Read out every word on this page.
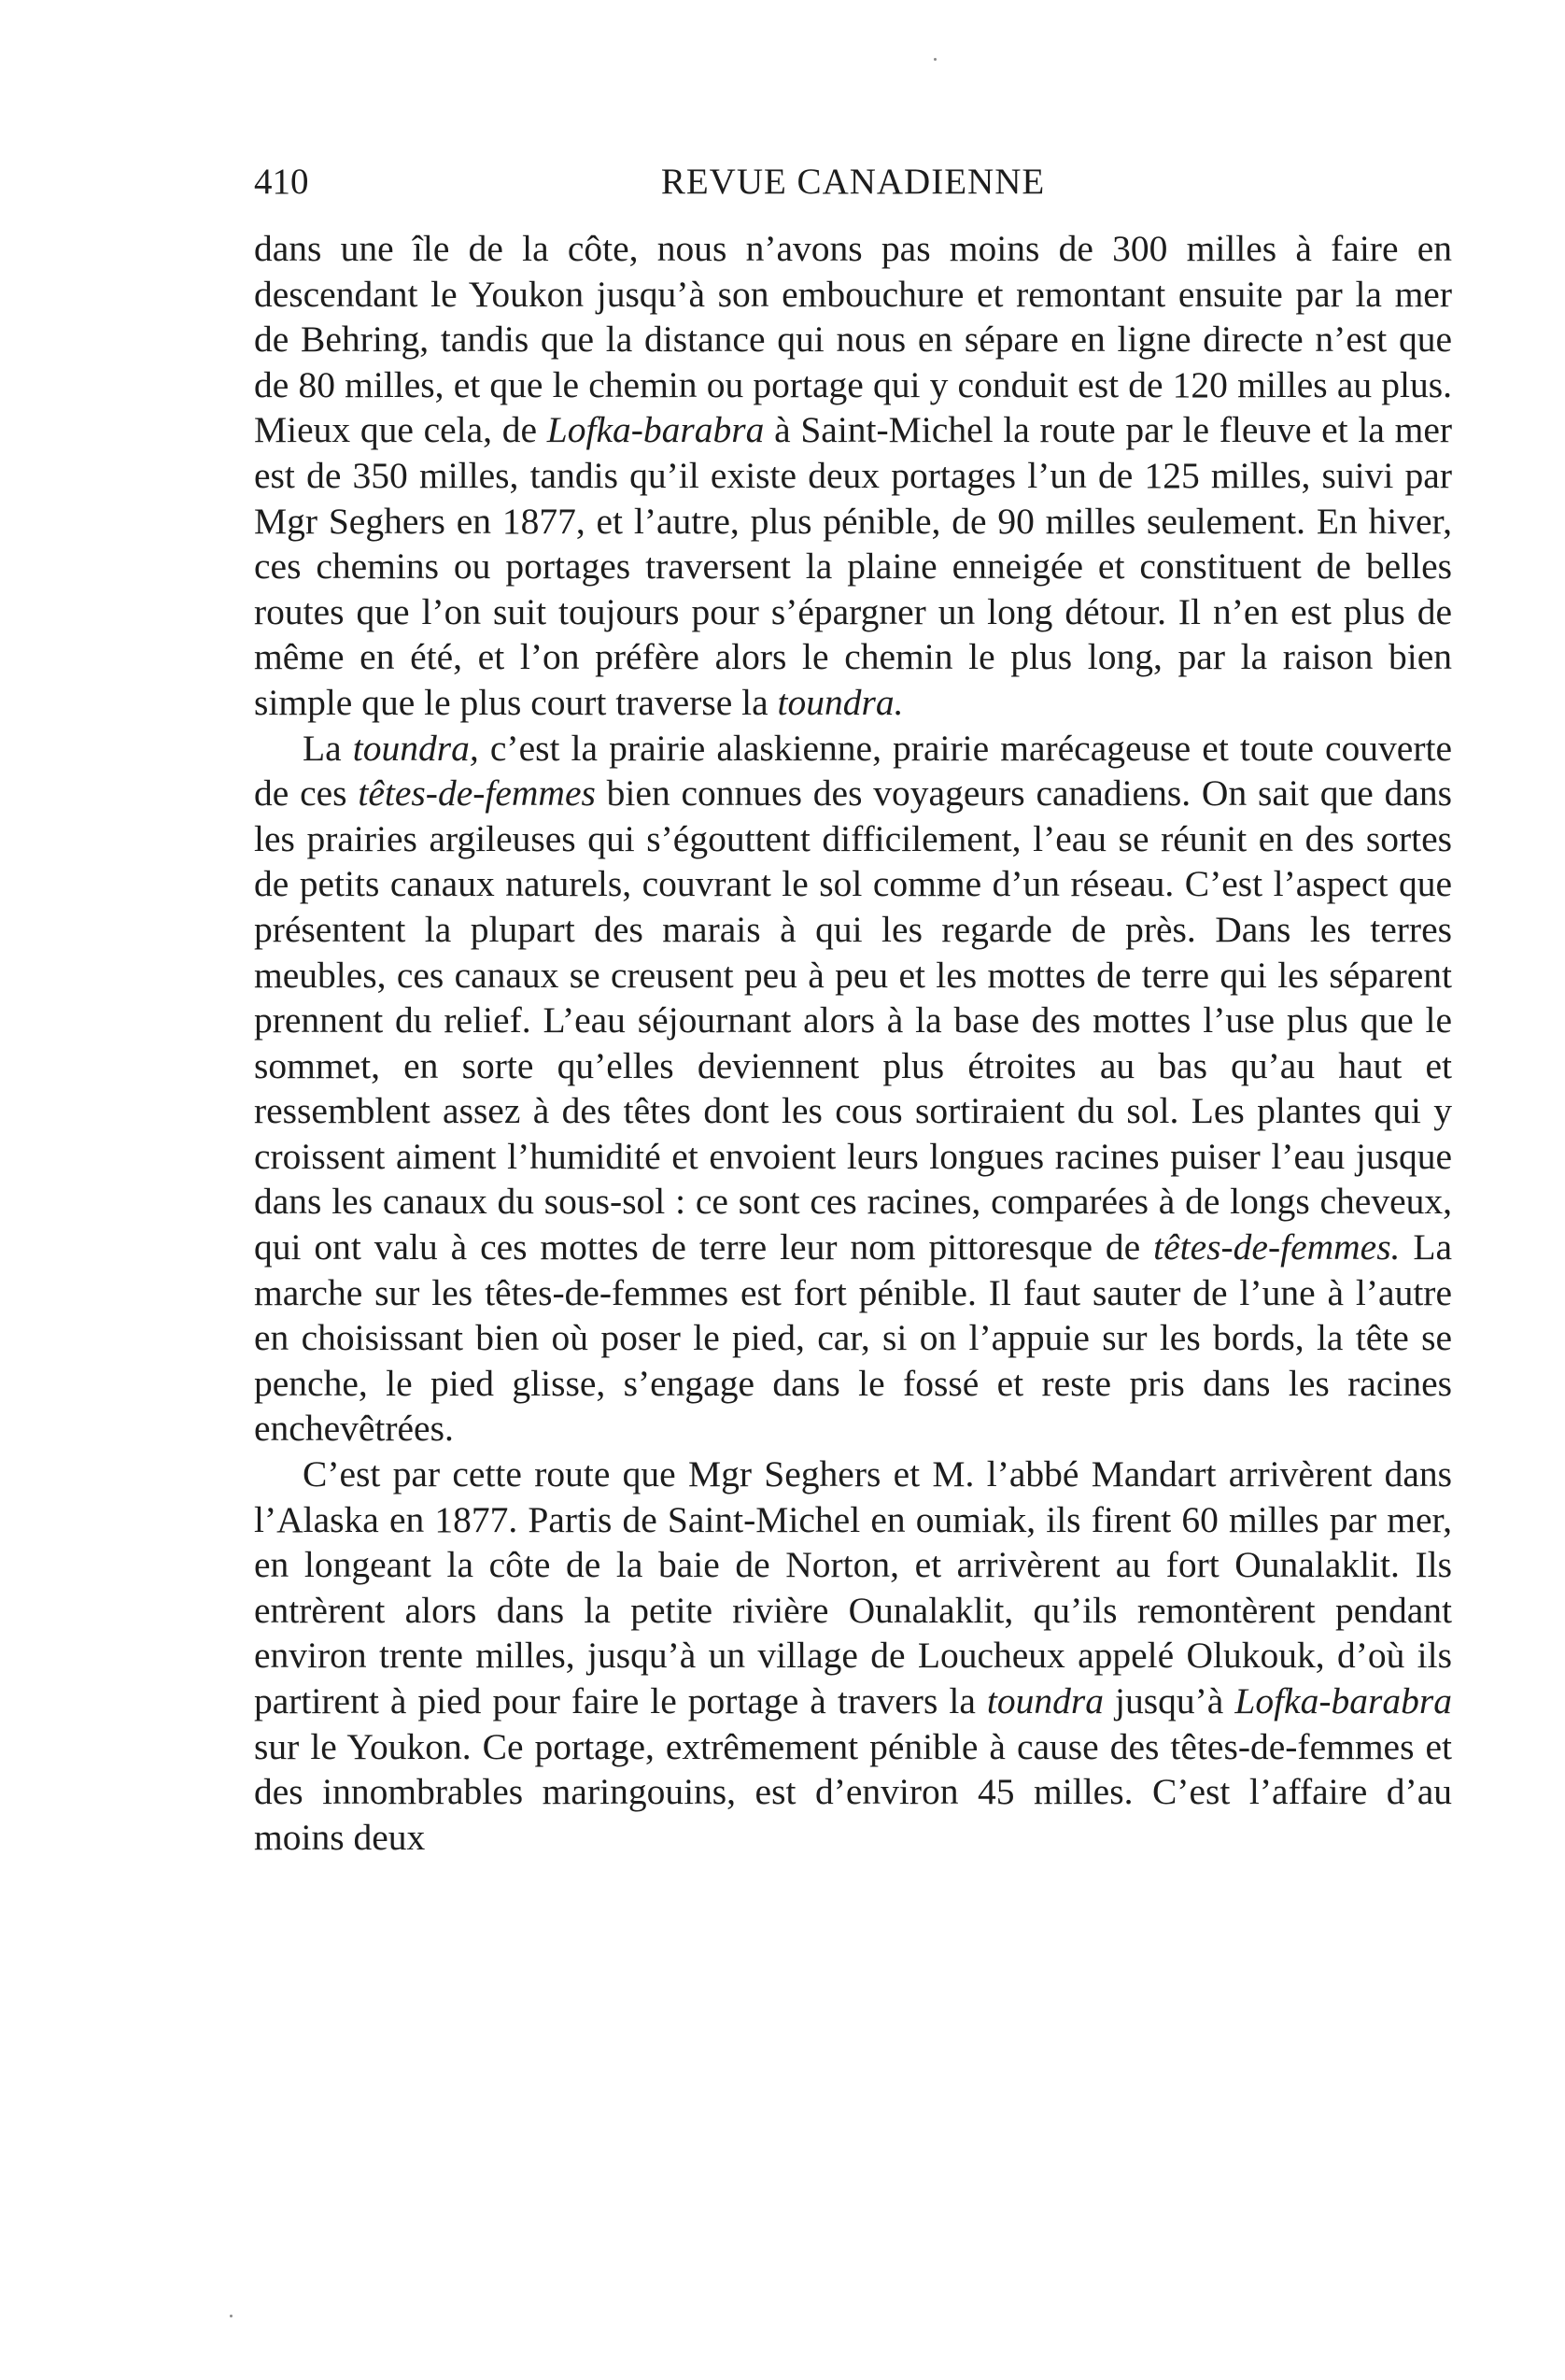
410	REVUE CANADIENNE

dans une île de la côte, nous n’avons pas moins de 300 milles à faire en descendant le Youkon jusqu’à son embouchure et remontant ensuite par la mer de Behring, tandis que la distance qui nous en sépare en ligne directe n’est que de 80 milles, et que le chemin ou portage qui y conduit est de 120 milles au plus. Mieux que cela, de Lofka-barabra à Saint-Michel la route par le fleuve et la mer est de 350 milles, tandis qu’il existe deux portages l’un de 125 milles, suivi par Mgr Seghers en 1877, et l’autre, plus pénible, de 90 milles seulement. En hiver, ces chemins ou portages traversent la plaine enneigée et constituent de belles routes que l’on suit toujours pour s’épargner un long détour. Il n’en est plus de même en été, et l’on préfère alors le chemin le plus long, par la raison bien simple que le plus court traverse la toundra.

La toundra, c’est la prairie alaskienne, prairie marécageuse et toute couverte de ces têtes-de-femmes bien connues des voyageurs canadiens. On sait que dans les prairies argileuses qui s’égouttent difficilement, l’eau se réunit en des sortes de petits canaux naturels, couvrant le sol comme d’un réseau. C’est l’aspect que présentent la plupart des marais à qui les regarde de près. Dans les terres meubles, ces canaux se creusent peu à peu et les mottes de terre qui les séparent prennent du relief. L’eau séjournant alors à la base des mottes l’use plus que le sommet, en sorte qu’elles deviennent plus étroites au bas qu’au haut et ressemblent assez à des têtes dont les cous sortiraient du sol. Les plantes qui y croissent aiment l’humidité et envoient leurs longues racines puiser l’eau jusque dans les canaux du sous-sol : ce sont ces racines, comparées à de longs cheveux, qui ont valu à ces mottes de terre leur nom pittoresque de têtes-de-femmes. La marche sur les têtes-de-femmes est fort pénible. Il faut sauter de l’une à l’autre en choisissant bien où poser le pied, car, si on l’appuie sur les bords, la tête se penche, le pied glisse, s’engage dans le fossé et reste pris dans les racines enchevêtrées.

C’est par cette route que Mgr Seghers et M. l’abbé Mandart arrivèrent dans l’Alaska en 1877. Partis de Saint-Michel en oumiak, ils firent 60 milles par mer, en longeant la côte de la baie de Norton, et arrivèrent au fort Ounalaklit. Ils entrèrent alors dans la petite rivière Ounalaklit, qu’ils remontèrent pendant environ trente milles, jusqu’à un village de Loucheux appelé Olukouk, d’où ils partirent à pied pour faire le portage à travers la toundra jusqu’à Lofka-barabra sur le Youkon. Ce portage, extrêmement pénible à cause des têtes-de-femmes et des innombrables maringouins, est d’environ 45 milles. C’est l’affaire d’au moins deux
